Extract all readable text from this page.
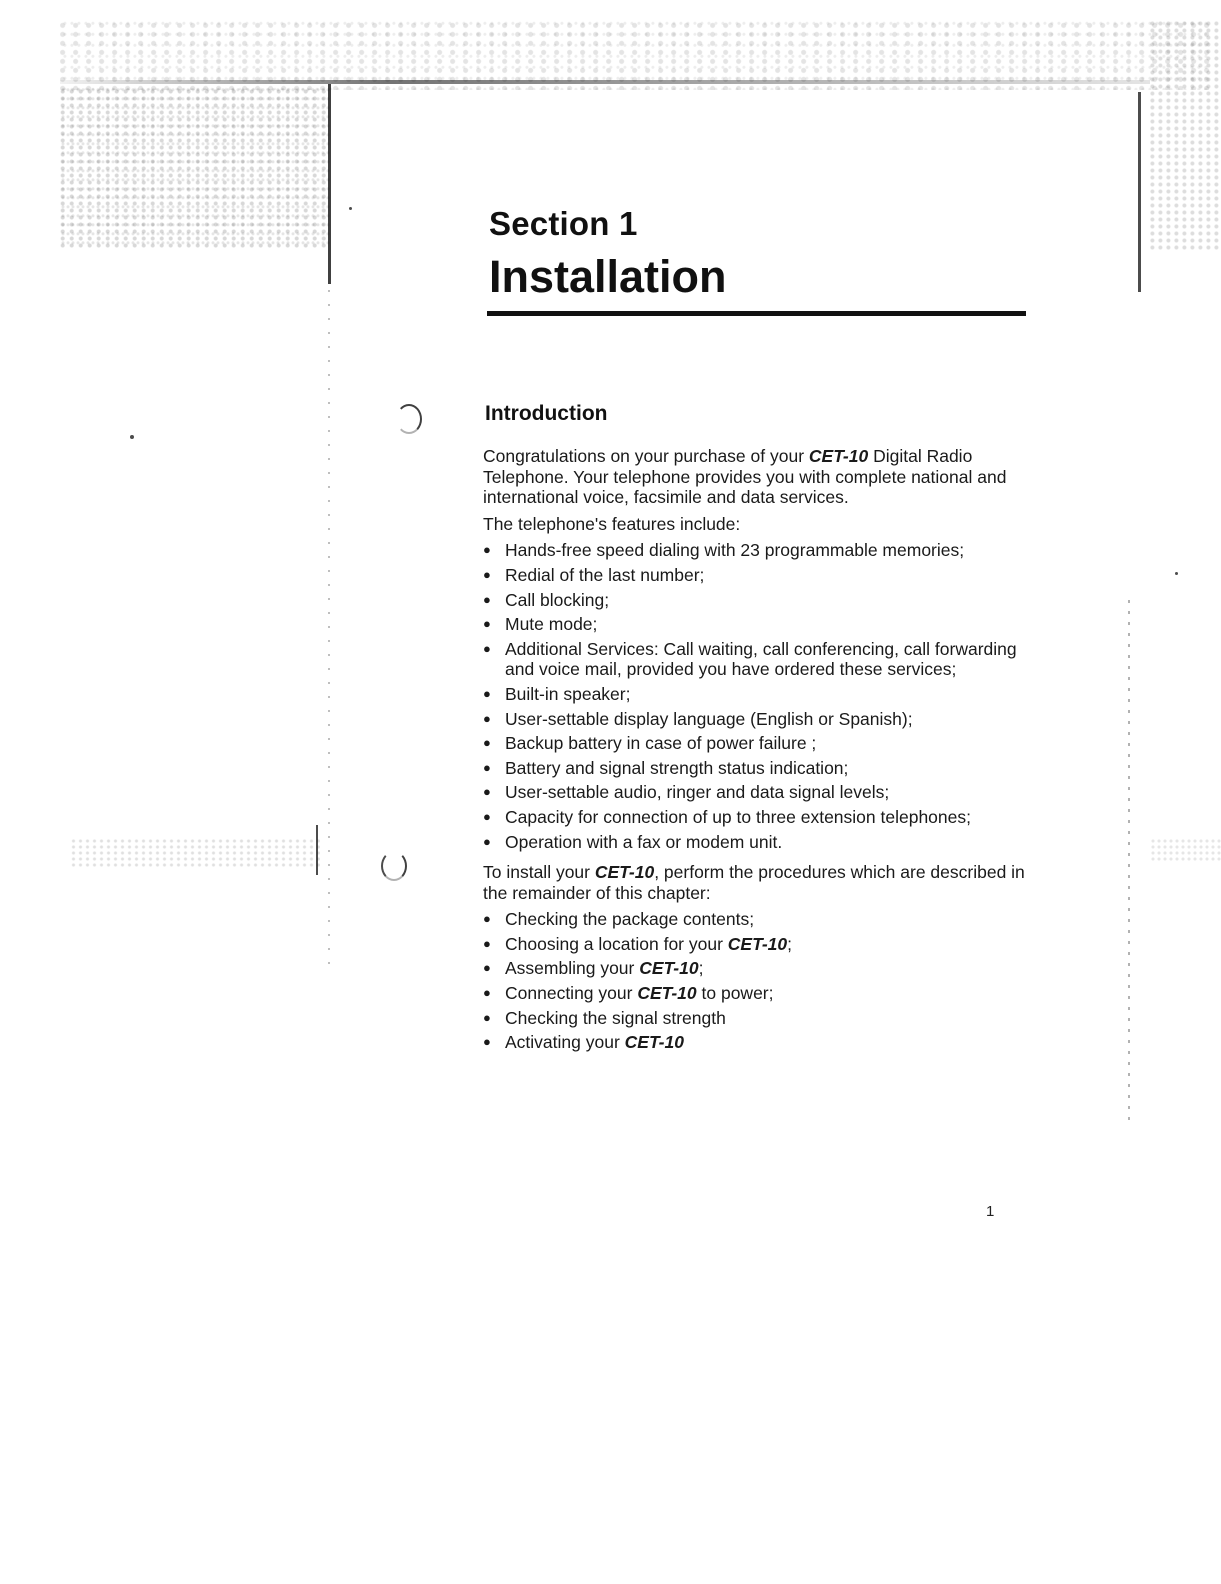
Section 1
Installation
Introduction

Congratulations on your purchase of your CET-10 Digital Radio Telephone. Your telephone provides you with complete national and international voice, facsimile and data services.

The telephone's features include:

● Hands-free speed dialing with 23 programmable memories;
● Redial of the last number;
● Call blocking;
● Mute mode;
● Additional Services: Call waiting, call conferencing, call forwarding and voice mail, provided you have ordered these services;
● Built-in speaker;
● User-settable display language (English or Spanish);
● Backup battery in case of power failure ;
● Battery and signal strength status indication;
● User-settable audio, ringer and data signal levels;
● Capacity for connection of up to three extension telephones;
● Operation with a fax or modem unit.

To install your CET-10, perform the procedures which are described in the remainder of this chapter:

● Checking the package contents;
● Choosing a location for your CET-10;
● Assembling your CET-10;
● Connecting your CET-10 to power;
● Checking the signal strength
● Activating your CET-10

1
